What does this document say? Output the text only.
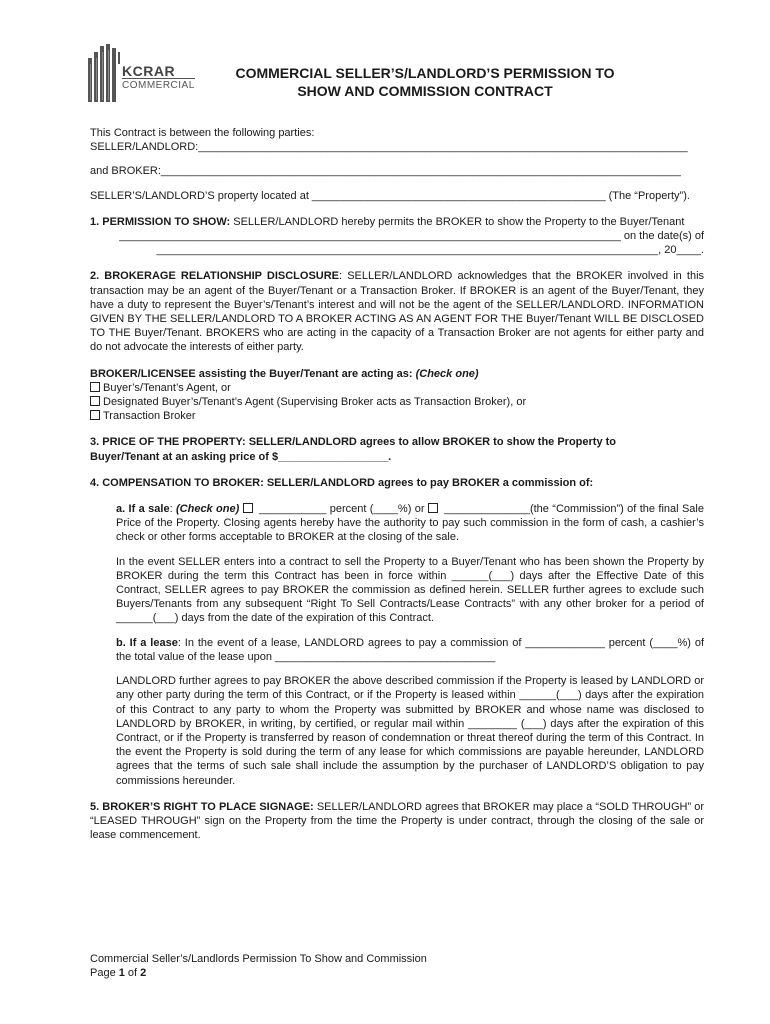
KCRAR
COMMERCIAL
COMMERCIAL SELLER’S/LANDLORD’S PERMISSION TO
SHOW AND COMMISSION CONTRACT

This Contract is between the following parties:

SELLER/LANDLORD:________________________________________________________________________________

and BROKER:_____________________________________________________________________________________

SELLER’S/LANDLORD’S property located at ________________________________________________ (The “Property”).

1. PERMISSION TO SHOW: SELLER/LANDLORD hereby permits the BROKER to show the Property to the Buyer/Tenant

__________________________________________________________________________________ on the date(s) of

__________________________________________________________________________________, 20____.

2. BROKERAGE RELATIONSHIP DISCLOSURE: SELLER/LANDLORD acknowledges that the BROKER involved in this transaction may be an agent of the Buyer/Tenant or a Transaction Broker. If BROKER is an agent of the Buyer/Tenant, they have a duty to represent the Buyer’s/Tenant’s interest and will not be the agent of the SELLER/LANDLORD. INFORMATION GIVEN BY THE SELLER/LANDLORD TO A BROKER ACTING AS AN AGENT FOR THE Buyer/Tenant WILL BE DISCLOSED TO THE Buyer/Tenant. BROKERS who are acting in the capacity of a Transaction Broker are not agents for either party and do not advocate the interests of either party.

BROKER/LICENSEE assisting the Buyer/Tenant are acting as: (Check one)

Buyer’s/Tenant’s Agent, or

Designated Buyer’s/Tenant’s Agent (Supervising Broker acts as Transaction Broker), or

Transaction Broker

3. PRICE OF THE PROPERTY: SELLER/LANDLORD agrees to allow BROKER to show the Property to

Buyer/Tenant at an asking price of $__________________.

4. COMPENSATION TO BROKER: SELLER/LANDLORD agrees to pay BROKER a commission of:

a. If a sale: (Check one)  ___________ percent (____%) or  ______________(the “Commission”) of the final Sale Price of the Property. Closing agents hereby have the authority to pay such commission in the form of cash, a cashier’s check or other forms acceptable to BROKER at the closing of the sale.

In the event SELLER enters into a contract to sell the Property to a Buyer/Tenant who has been shown the Property by BROKER during the term this Contract has been in force within ______(___) days after the Effective Date of this Contract, SELLER agrees to pay BROKER the commission as defined herein. SELLER further agrees to exclude such Buyers/Tenants from any subsequent “Right To Sell Contracts/Lease Contracts” with any other broker for a period of ______(___) days from the date of the expiration of this Contract.

b. If a lease: In the event of a lease, LANDLORD agrees to pay a commission of _____________ percent (____%) of the total value of the lease upon ____________________________________

LANDLORD further agrees to pay BROKER the above described commission if the Property is leased by LANDLORD or any other party during the term of this Contract, or if the Property is leased within ______(___) days after the expiration of this Contract to any party to whom the Property was submitted by BROKER and whose name was disclosed to LANDLORD by BROKER, in writing, by certified, or regular mail within ________ (___) days after the expiration of this Contract, or if the Property is transferred by reason of condemnation or threat thereof during the term of this Contract. In the event the Property is sold during the term of any lease for which commissions are payable hereunder, LANDLORD agrees that the terms of such sale shall include the assumption by the purchaser of LANDLORD’S obligation to pay commissions hereunder.

5. BROKER’S RIGHT TO PLACE SIGNAGE: SELLER/LANDLORD agrees that BROKER may place a “SOLD THROUGH” or “LEASED THROUGH” sign on the Property from the time the Property is under contract, through the closing of the sale or lease commencement.

Commercial Seller’s/Landlords Permission To Show and Commission
Page 1 of 2
